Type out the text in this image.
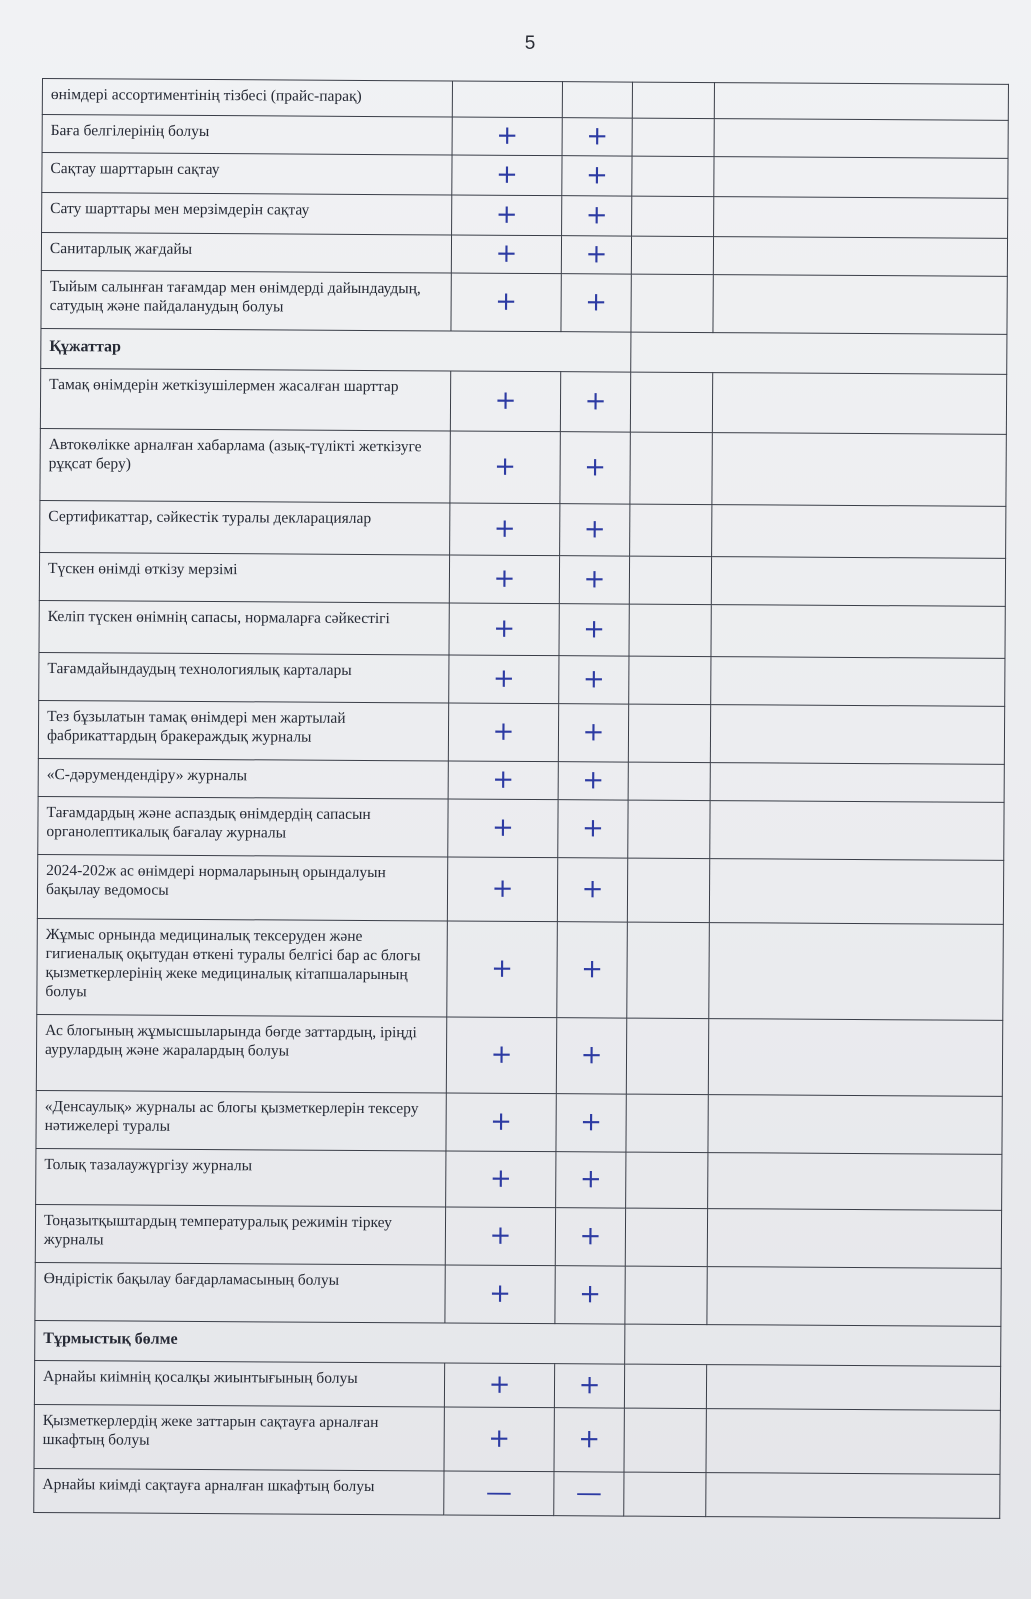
5
өнімдері ассортиментінің тізбесі (прайс-парақ)				
Баға белгілерінің болуы	+	+		
Сақтау шарттарын сақтау	+	+		
Сату шарттары мен мерзімдерін сақтау	+	+		
Санитарлық жағдайы	+	+		
Тыйым салынған тағамдар мен өнімдерді дайындаудың, сатудың және пайдаланудың болуы	+	+		
Құжаттар				
Тамақ өнімдерін жеткізушілермен жасалған шарттар	+	+		
Автокөлікке арналған хабарлама (азық-түлікті жеткізуге рұқсат беру)	+	+		
Сертификаттар, сәйкестік туралы декларациялар	+	+		
Түскен өнімді өткізу мерзімі	+	+		
Келіп түскен өнімнің сапасы, нормаларға сәйкестігі	+	+		
Тағамдайындаудың технологиялық карталары	+	+		
Тез бұзылатын тамақ өнімдері мен жартылай фабрикаттардың бракераждық журналы	+	+		
«С-дәрумендендіру» журналы	+	+		
Тағамдардың және аспаздық өнімдердің сапасын органолептикалық бағалау журналы	+	+		
2024-202ж ас өнімдері нормаларының орындалуын бақылау ведомосы	+	+		
Жұмыс орнында медициналық тексеруден және гигиеналық оқытудан өткені туралы белгісі бар ас блогы қызметкерлерінің жеке медициналық кітапшаларының болуы	+	+		
Ас блогының жұмысшыларында бөгде заттардың, іріңді аурулардың және жаралардың болуы	+	+		
«Денсаулық» журналы ас блогы қызметкерлерін тексеру нәтижелері туралы	+	+		
Толық тазалаужүргізу журналы	+	+		
Тоңазытқыштардың температуралық режимін тіркеу журналы	+	+		
Өндірістік бақылау бағдарламасының болуы	+	+		
Тұрмыстық бөлме				
Арнайы киімнің қосалқы жиынтығының болуы	+	+		
Қызметкерлердің жеке заттарын сақтауға арналған шкафтың болуы	+	+		
Арнайы киімді сақтауға арналған шкафтың болуы	—	—		
